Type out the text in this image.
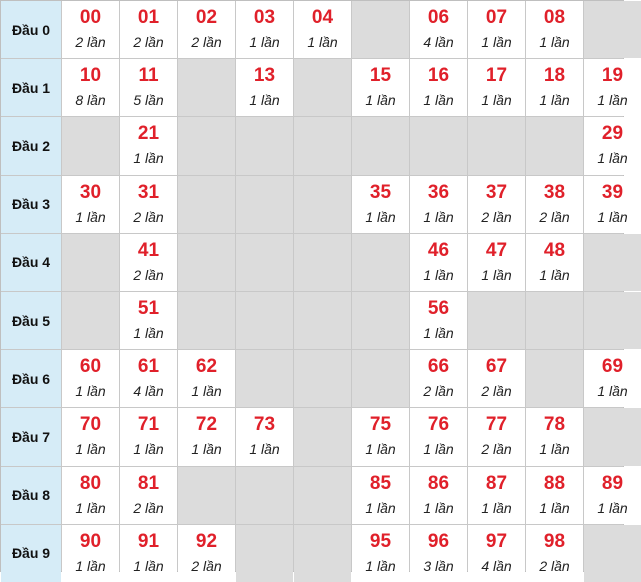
Đầu 0
00
2 lần
01
2 lần
02
2 lần
03
1 lần
04
1 lần
06
4 lần
07
1 lần
08
1 lần
Đầu 1
10
8 lần
11
5 lần
13
1 lần
15
1 lần
16
1 lần
17
1 lần
18
1 lần
19
1 lần
Đầu 2
21
1 lần
29
1 lần
Đầu 3
30
1 lần
31
2 lần
35
1 lần
36
1 lần
37
2 lần
38
2 lần
39
1 lần
Đầu 4
41
2 lần
46
1 lần
47
1 lần
48
1 lần
Đầu 5
51
1 lần
56
1 lần
Đầu 6
60
1 lần
61
4 lần
62
1 lần
66
2 lần
67
2 lần
69
1 lần
Đầu 7
70
1 lần
71
1 lần
72
1 lần
73
1 lần
75
1 lần
76
1 lần
77
2 lần
78
1 lần
Đầu 8
80
1 lần
81
2 lần
85
1 lần
86
1 lần
87
1 lần
88
1 lần
89
1 lần
Đầu 9
90
1 lần
91
1 lần
92
2 lần
95
1 lần
96
3 lần
97
4 lần
98
2 lần
